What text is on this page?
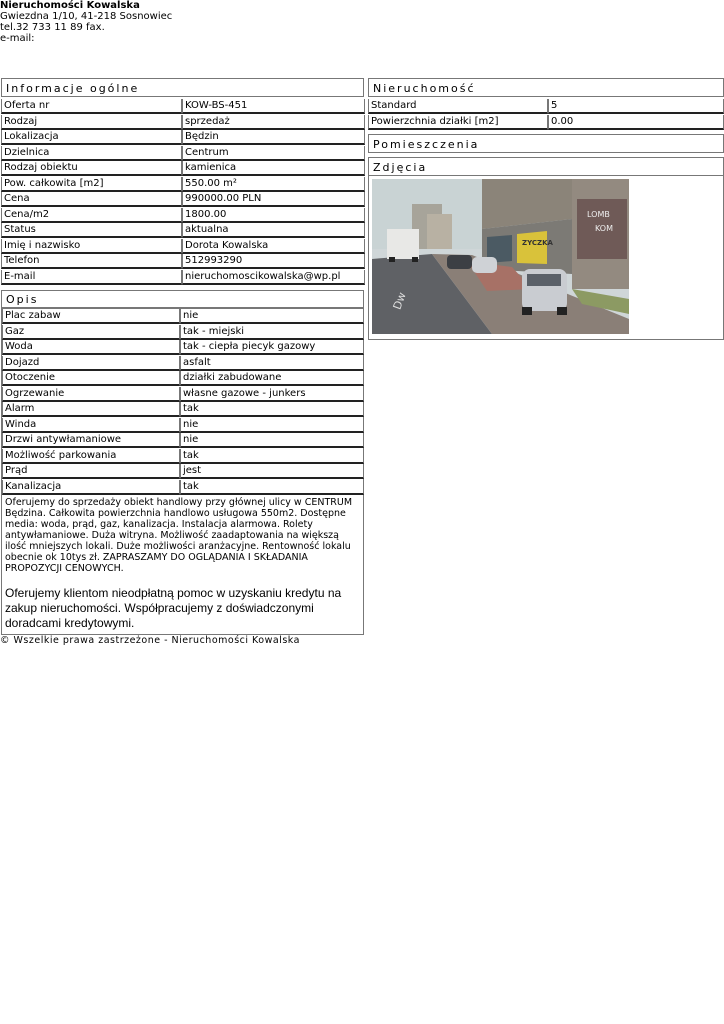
Nieruchomości Kowalska
Gwiezdna 1/10, 41-218 Sosnowiec
tel.32 733 11 89 fax.
e-mail:
Informacje ogólne
Oferta nr	KOW-BS-451
Rodzaj	sprzedaż
Lokalizacja	Będzin
Dzielnica	Centrum
Rodzaj obiektu	kamienica
Pow. całkowita [m2]	550.00 m²
Cena	990000.00 PLN
Cena/m2	1800.00
Status	aktualna
Imię i nazwisko	Dorota Kowalska
Telefon	512993290
E-mail	nieruchomoscikowalska@wp.pl
Opis
Plac zabaw	nie
Gaz	tak - miejski
Woda	tak - ciepła piecyk gazowy
Dojazd	asfalt
Otoczenie	działki zabudowane
Ogrzewanie	własne gazowe - junkers
Alarm	tak
Winda	nie
Drzwi antywłamaniowe	nie
Możliwość parkowania	tak
Prąd	jest
Kanalizacja	tak
Oferujemy do sprzedaży obiekt handlowy przy głównej ulicy w CENTRUM Będzina. Całkowita powierzchnia handlowo usługowa 550m2. Dostępne media: woda, prąd, gaz, kanalizacja. Instalacja alarmowa. Rolety antywłamaniowe. Duża witryna. Możliwość zaadaptowania na większą ilość mniejszych lokali. Duże możliwości aranżacyjne. Rentowność lokalu obecnie ok 10tys zł. ZAPRASZAMY DO OGLĄDANIA I SKŁADANIA PROPOZYCJI CENOWYCH.
Oferujemy klientom nieodpłatną pomoc w uzyskaniu kredytu na zakup nieruchomości. Współpracujemy z doświadczonymi doradcami kredytowymi.
Nieruchomość
Standard	5
Powierzchnia działki [m2]	0.00
Pomieszczenia
Zdjęcia
ZYCZKA
LOMB
KOM
Dw
© Wszelkie prawa zastrzeżone - Nieruchomości Kowalska
